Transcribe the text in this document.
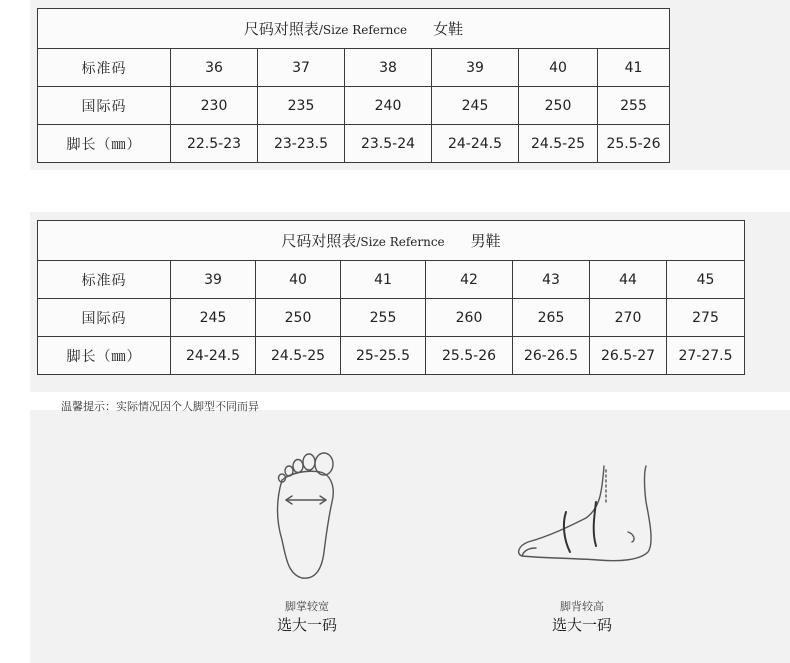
尺码对照表/Size Refernce 女鞋						
标准码	36	37	38	39	40	41
国际码	230	235	240	245	250	255
脚长（㎜）	22.5-23	23-23.5	23.5-24	24-24.5	24.5-25	25.5-26
尺码对照表/Size Refernce 男鞋							
标准码	39	40	41	42	43	44	45
国际码	245	250	255	260	265	270	275
脚长（㎜）	24-24.5	24.5-25	25-25.5	25.5-26	26-26.5	26.5-27	27-27.5
温馨提示：实际情况因个人脚型不同而异
脚掌较宽
选大一码
脚背较高
选大一码
